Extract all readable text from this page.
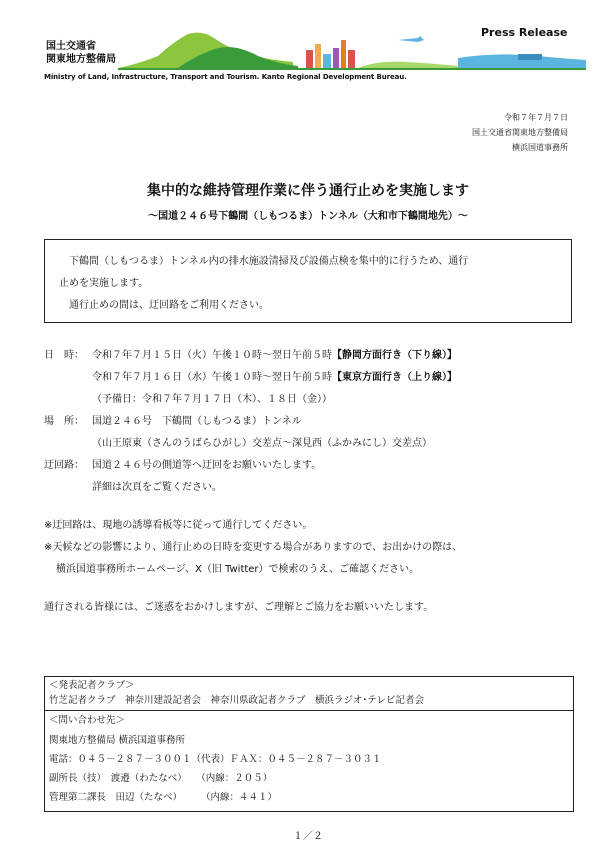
国土交通省
関東地方整備局
Ministry of Land, Infrastructure, Transport and Tourism. Kanto Regional Development Bureau.
Press Release
令和７年７月７日
国土交通省関東地方整備局
横浜国道事務所
集中的な維持管理作業に伴う通行止めを実施します
～国道２４６号下鶴間（しもつるま）トンネル（大和市下鶴間地先）～

下鶴間（しもつるま）トンネル内の排水施設清掃及び設備点検を集中的に行うため、通行

止めを実施します。

通行止めの間は、迂回路をご利用ください。

日　時： 令和７年７月１５日（火）午後１０時～翌日午前５時【静岡方面行き（下り線）】
令和７年７月１６日（水）午後１０時～翌日午前５時【東京方面行き（上り線）】
（予備日：令和７年７月１７日（木）、１８日（金））
場　所： 国道２４６号　下鶴間（しもつるま）トンネル
（山王原東（さんのうばらひがし）交差点～深見西（ふかみにし）交差点）
迂回路： 国道２４６号の側道等へ迂回をお願いいたします。
詳細は次頁をご覧ください。
※迂回路は、現地の誘導看板等に従って通行してください。
※天候などの影響により、通行止めの日時を変更する場合がありますので、お出かけの際は、
横浜国道事務所ホームページ、X（旧 Twitter）で検索のうえ、ご確認ください。
通行される皆様には、ご迷惑をおかけしますが、ご理解とご協力をお願いいたします。
＜発表記者クラブ＞
竹芝記者クラブ　神奈川建設記者会　神奈川県政記者クラブ　横浜ラジオ･テレビ記者会
＜問い合わせ先＞
関東地方整備局 横浜国道事務所
電話：０４５－２８７－３００１（代表）ＦＡＸ：０４５－２８７－３０３１
副所長（技）　渡邉（わたなべ）　　（内線：２０５）
管理第二課長　田辺（たなべ）　　　（内線：４４１）
１／２
